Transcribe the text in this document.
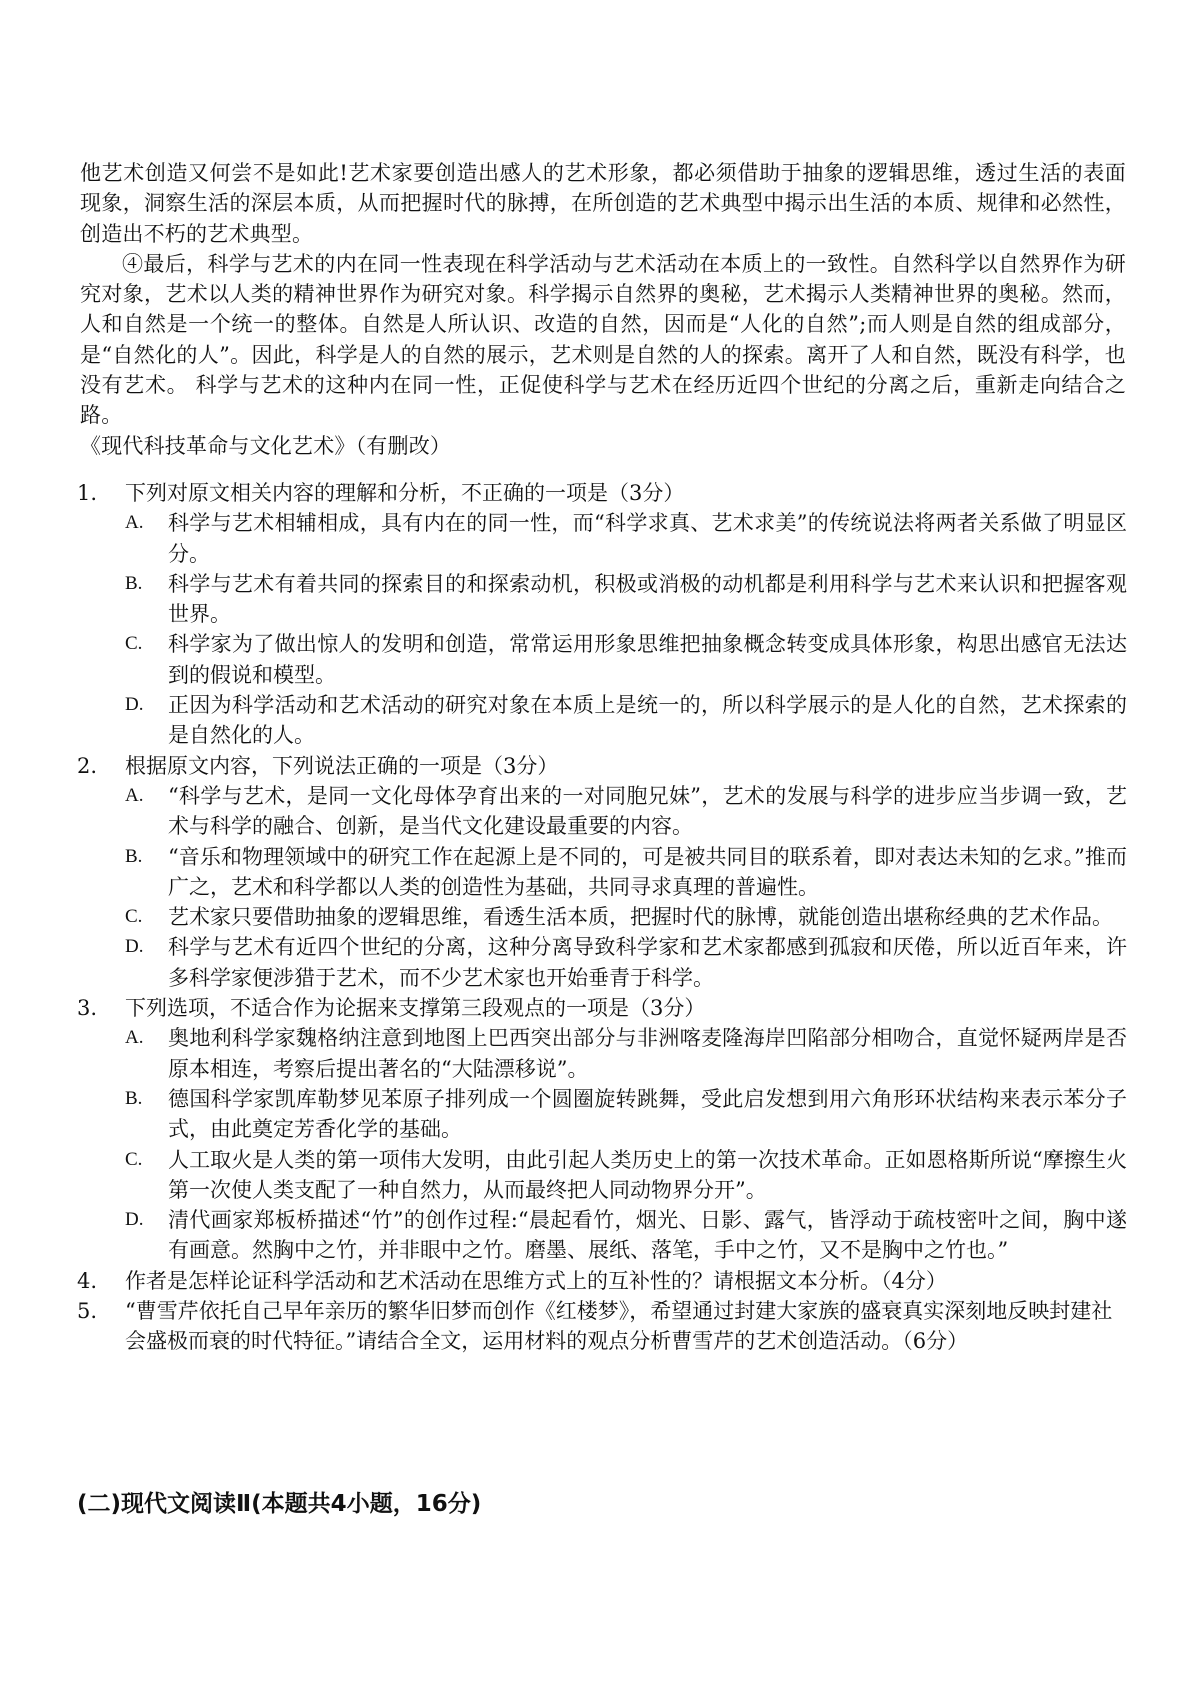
他艺术创造又何尝不是如此!艺术家要创造出感人的艺术形象，都必须借助于抽象的逻辑思维，透过生活的表面现象，洞察生活的深层本质，从而把握时代的脉搏，在所创造的艺术典型中揭示出生活的本质、规律和必然性，创造出不朽的艺术典型。

④最后，科学与艺术的内在同一性表现在科学活动与艺术活动在本质上的一致性。自然科学以自然界作为研究对象，艺术以人类的精神世界作为研究对象。科学揭示自然界的奥秘，艺术揭示人类精神世界的奥秘。然而，人和自然是一个统一的整体。自然是人所认识、改造的自然，因而是“人化的自然”;而人则是自然的组成部分，是“自然化的人”。因此，科学是人的自然的展示，艺术则是自然的人的探索。离开了人和自然，既没有科学，也没有艺术。 科学与艺术的这种内在同一性，正促使科学与艺术在经历近四个世纪的分离之后，重新走向结合之路。

《现代科技革命与文化艺术》（有删改）

1.	下列对原文相关内容的理解和分析，不正确的一项是（3分）
A.	科学与艺术相辅相成，具有内在的同一性，而“科学求真、艺术求美”的传统说法将两者关系做了明显区分。
B.	科学与艺术有着共同的探索目的和探索动机，积极或消极的动机都是利用科学与艺术来认识和把握客观世界。
C.	科学家为了做出惊人的发明和创造，常常运用形象思维把抽象概念转变成具体形象，构思出感官无法达到的假说和模型。
D.	正因为科学活动和艺术活动的研究对象在本质上是统一的，所以科学展示的是人化的自然，艺术探索的是自然化的人。
2.	根据原文内容，下列说法正确的一项是（3分）
A.	“科学与艺术，是同一文化母体孕育出来的一对同胞兄妹”，艺术的发展与科学的进步应当步调一致，艺术与科学的融合、创新，是当代文化建设最重要的内容。
B.	“音乐和物理领域中的研究工作在起源上是不同的，可是被共同目的联系着，即对表达未知的乞求。”推而广之，艺术和科学都以人类的创造性为基础，共同寻求真理的普遍性。
C.	艺术家只要借助抽象的逻辑思维，看透生活本质，把握时代的脉博，就能创造出堪称经典的艺术作品。
D.	科学与艺术有近四个世纪的分离，这种分离导致科学家和艺术家都感到孤寂和厌倦，所以近百年来，许多科学家便涉猎于艺术，而不少艺术家也开始垂青于科学。
3.	下列选项，不适合作为论据来支撑第三段观点的一项是（3分）
A.	奥地利科学家魏格纳注意到地图上巴西突出部分与非洲喀麦隆海岸凹陷部分相吻合，直觉怀疑两岸是否原本相连，考察后提出著名的“大陆漂移说”。
B.	德国科学家凯库勒梦见苯原子排列成一个圆圈旋转跳舞，受此启发想到用六角形环状结构来表示苯分子式，由此奠定芳香化学的基础。
C.	人工取火是人类的第一项伟大发明，由此引起人类历史上的第一次技术革命。正如恩格斯所说“摩擦生火第一次使人类支配了一种自然力，从而最终把人同动物界分开”。
D.	清代画家郑板桥描述“竹”的创作过程:“晨起看竹，烟光、日影、露气，皆浮动于疏枝密叶之间，胸中遂有画意。然胸中之竹，并非眼中之竹。磨墨、展纸、落笔，手中之竹，又不是胸中之竹也。”
4.	作者是怎样论证科学活动和艺术活动在思维方式上的互补性的？请根据文本分析。（4分）
5.	“曹雪芹依托自己早年亲历的繁华旧梦而创作《红楼梦》，希望通过封建大家族的盛衰真实深刻地反映封建社会盛极而衰的时代特征。”请结合全文，运用材料的观点分析曹雪芹的艺术创造活动。（6分）
(二)现代文阅读Ⅱ(本题共4小题，16分)
